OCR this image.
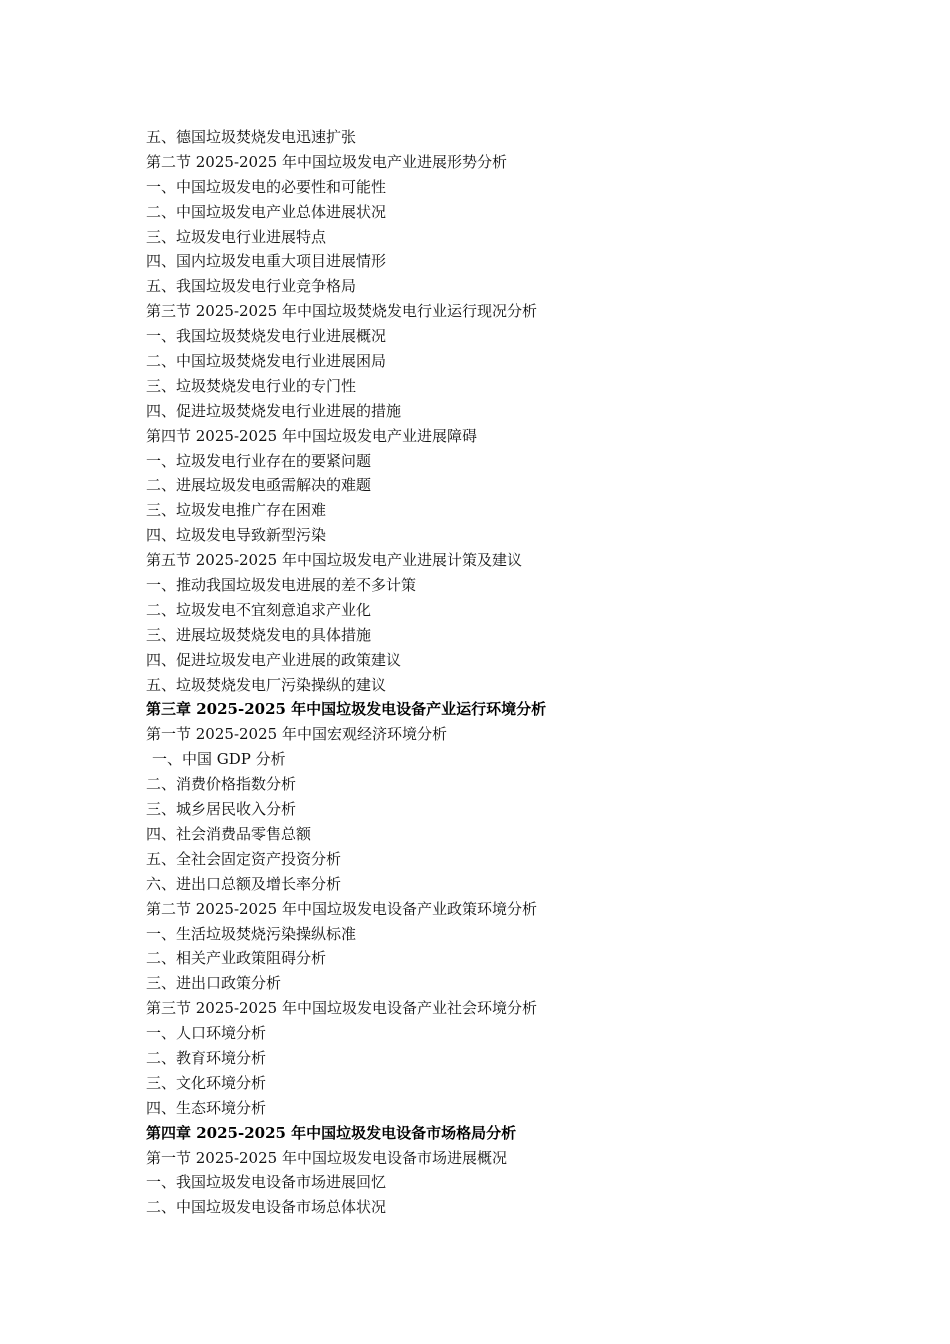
五、德国垃圾焚烧发电迅速扩张
第二节 2025-2025 年中国垃圾发电产业进展形势分析
一、中国垃圾发电的必要性和可能性
二、中国垃圾发电产业总体进展状况
三、垃圾发电行业进展特点
四、国内垃圾发电重大项目进展情形
五、我国垃圾发电行业竞争格局
第三节 2025-2025 年中国垃圾焚烧发电行业运行现况分析
一、我国垃圾焚烧发电行业进展概况
二、中国垃圾焚烧发电行业进展困局
三、垃圾焚烧发电行业的专门性
四、促进垃圾焚烧发电行业进展的措施
第四节 2025-2025 年中国垃圾发电产业进展障碍
一、垃圾发电行业存在的要紧问题
二、进展垃圾发电亟需解决的难题
三、垃圾发电推广存在困难
四、垃圾发电导致新型污染
第五节 2025-2025 年中国垃圾发电产业进展计策及建议
一、推动我国垃圾发电进展的差不多计策
二、垃圾发电不宜刻意追求产业化
三、进展垃圾焚烧发电的具体措施
四、促进垃圾发电产业进展的政策建议
五、垃圾焚烧发电厂污染操纵的建议
第三章 2025-2025 年中国垃圾发电设备产业运行环境分析
第一节 2025-2025 年中国宏观经济环境分析
一、中国 GDP 分析
二、消费价格指数分析
三、城乡居民收入分析
四、社会消费品零售总额
五、全社会固定资产投资分析
六、进出口总额及增长率分析
第二节 2025-2025 年中国垃圾发电设备产业政策环境分析
一、生活垃圾焚烧污染操纵标准
二、相关产业政策阻碍分析
三、进出口政策分析
第三节 2025-2025 年中国垃圾发电设备产业社会环境分析
一、人口环境分析
二、教育环境分析
三、文化环境分析
四、生态环境分析
第四章 2025-2025 年中国垃圾发电设备市场格局分析
第一节 2025-2025 年中国垃圾发电设备市场进展概况
一、我国垃圾发电设备市场进展回忆
二、中国垃圾发电设备市场总体状况
